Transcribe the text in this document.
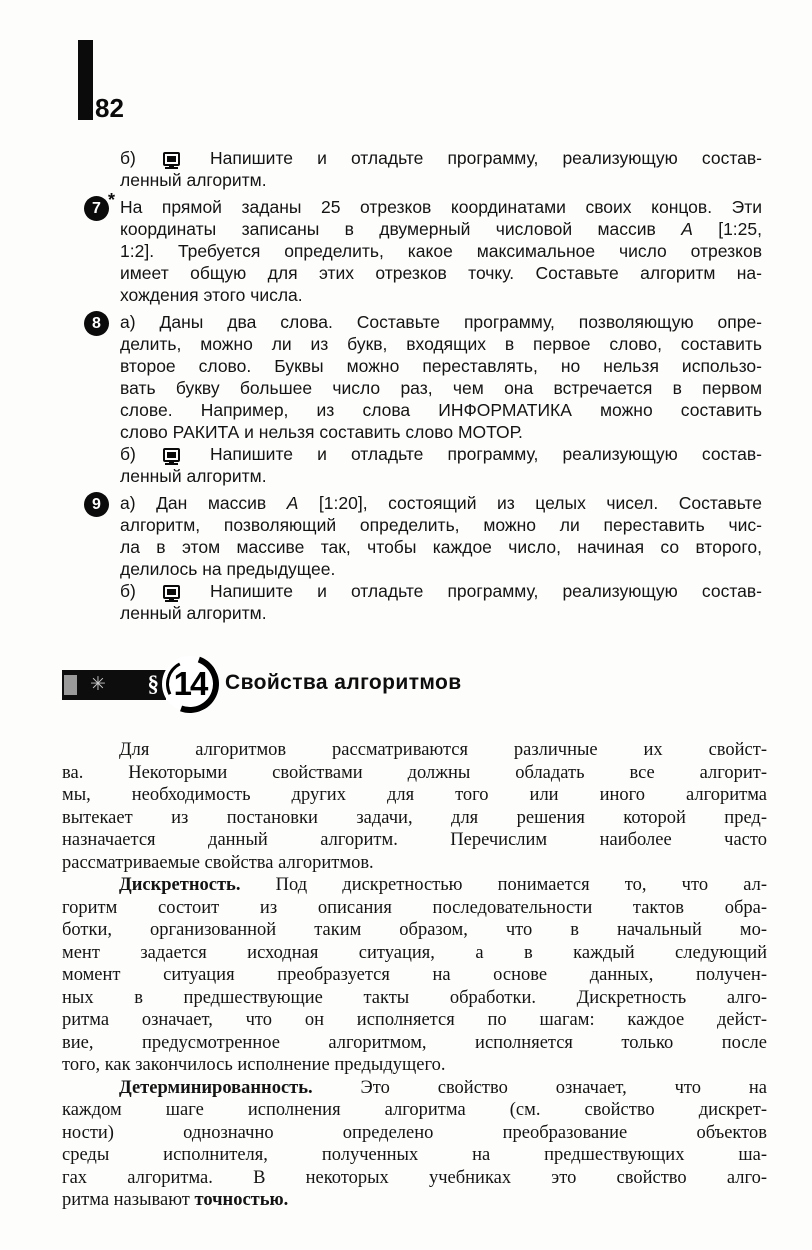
82
б)  Напишите и отладьте программу, реализующую состав-
ленный алгоритм.
7 * На прямой заданы 25 отрезков координатами своих концов. Эти
координаты записаны в двумерный числовой массив A [1:25,
1:2]. Требуется определить, какое максимальное число отрезков
имеет общую для этих отрезков точку. Составьте алгоритм на-
хождения этого числа.
8	а) Даны два слова. Составьте программу, позволяющую опре-
делить, можно ли из букв, входящих в первое слово, составить
второе слово. Буквы можно переставлять, но нельзя использо-
вать букву большее число раз, чем она встречается в первом
слове. Например, из слова ИНФОРМАТИКА можно составить
слово РАКИТА и нельзя составить слово МОТОР.
б)  Напишите и отладьте программу, реализующую состав-
ленный алгоритм.
9	а) Дан массив A [1:20], состоящий из целых чисел. Составьте
алгоритм, позволяющий определить, можно ли переставить чис-
ла в этом массиве так, чтобы каждое число, начиная со второго,
делилось на предыдущее.
б)  Напишите и отладьте программу, реализующую состав-
ленный алгоритм.
✳
§ 14 Свойства алгоритмов
Для алгоритмов рассматриваются различные их свойст-
ва. Некоторыми свойствами должны обладать все алгорит-
мы, необходимость других для того или иного алгоритма
вытекает из постановки задачи, для решения которой пред-
назначается данный алгоритм. Перечислим наиболее часто
рассматриваемые свойства алгоритмов.
Дискретность. Под дискретностью понимается то, что ал-
горитм состоит из описания последовательности тактов обра-
ботки, организованной таким образом, что в начальный мо-
мент задается исходная ситуация, а в каждый следующий
момент ситуация преобразуется на основе данных, получен-
ных в предшествующие такты обработки. Дискретность алго-
ритма означает, что он исполняется по шагам: каждое дейст-
вие, предусмотренное алгоритмом, исполняется только после
того, как закончилось исполнение предыдущего.
Детерминированность. Это свойство означает, что на
каждом шаге исполнения алгоритма (см. свойство дискрет-
ности) однозначно определено преобразование объектов
среды исполнителя, полученных на предшествующих ша-
гах алгоритма. В некоторых учебниках это свойство алго-
ритма называют точностью.
